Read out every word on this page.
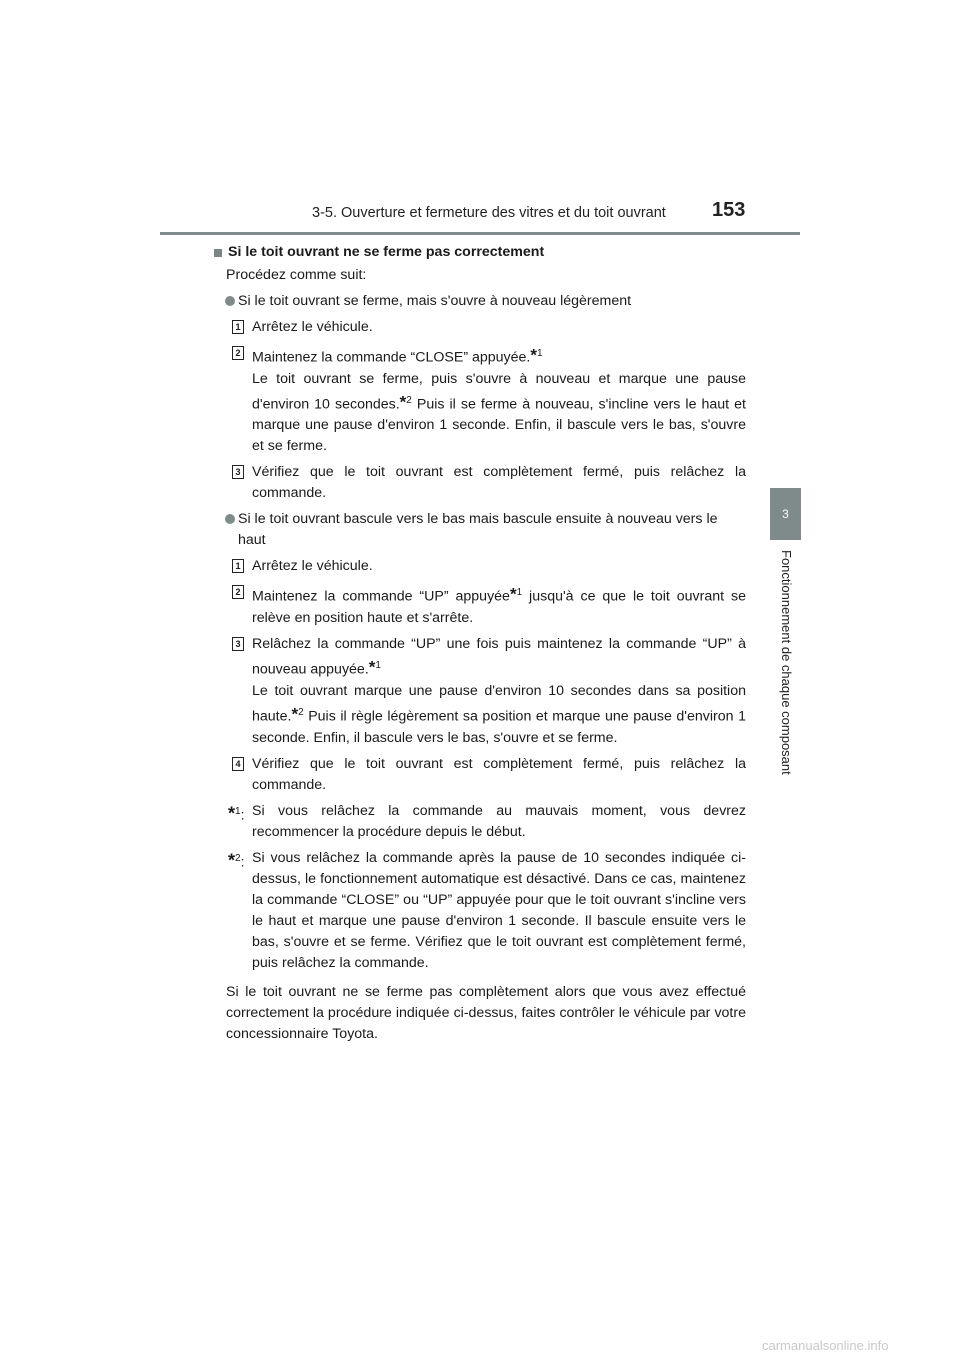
3-5. Ouverture et fermeture des vitres et du toit ouvrant 153
3
Fonctionnement de chaque composant
Si le toit ouvrant ne se ferme pas correctement

Procédez comme suit:

Si le toit ouvrant se ferme, mais s'ouvre à nouveau légèrement
1 Arrêtez le véhicule.
2 Maintenez la commande “CLOSE” appuyée.*$^1$
Le toit ouvrant se ferme, puis s'ouvre à nouveau et marque une pause d'environ 10 secondes.*$^2$ Puis il se ferme à nouveau, s'incline vers le haut et marque une pause d'environ 1 seconde. Enfin, il bascule vers le bas, s'ouvre et se ferme.
3 Vérifiez que le toit ouvrant est complètement fermé, puis relâchez la commande.
Si le toit ouvrant bascule vers le bas mais bascule ensuite à nouveau vers le haut
1 Arrêtez le véhicule.
2 Maintenez la commande “UP” appuyée*$^1$ jusqu'à ce que le toit ouvrant se relève en position haute et s'arrête.
3 Relâchez la commande “UP” une fois puis maintenez la commande “UP” à nouveau appuyée.*$^1$
Le toit ouvrant marque une pause d'environ 10 secondes dans sa position haute.*$^2$ Puis il règle légèrement sa position et marque une pause d'environ 1 seconde. Enfin, il bascule vers le bas, s'ouvre et se ferme.
4 Vérifiez que le toit ouvrant est complètement fermé, puis relâchez la commande.
*$^1$: Si vous relâchez la commande au mauvais moment, vous devrez recommencer la procédure depuis le début.
*$^2$: Si vous relâchez la commande après la pause de 10 secondes indiquée ci-dessus, le fonctionnement automatique est désactivé. Dans ce cas, maintenez la commande “CLOSE” ou “UP” appuyée pour que le toit ouvrant s'incline vers le haut et marque une pause d'environ 1 seconde. Il bascule ensuite vers le bas, s'ouvre et se ferme. Vérifiez que le toit ouvrant est complètement fermé, puis relâchez la commande.

Si le toit ouvrant ne se ferme pas complètement alors que vous avez effectué correctement la procédure indiquée ci-dessus, faites contrôler le véhicule par votre concessionnaire Toyota.

carmanualsonline.info
